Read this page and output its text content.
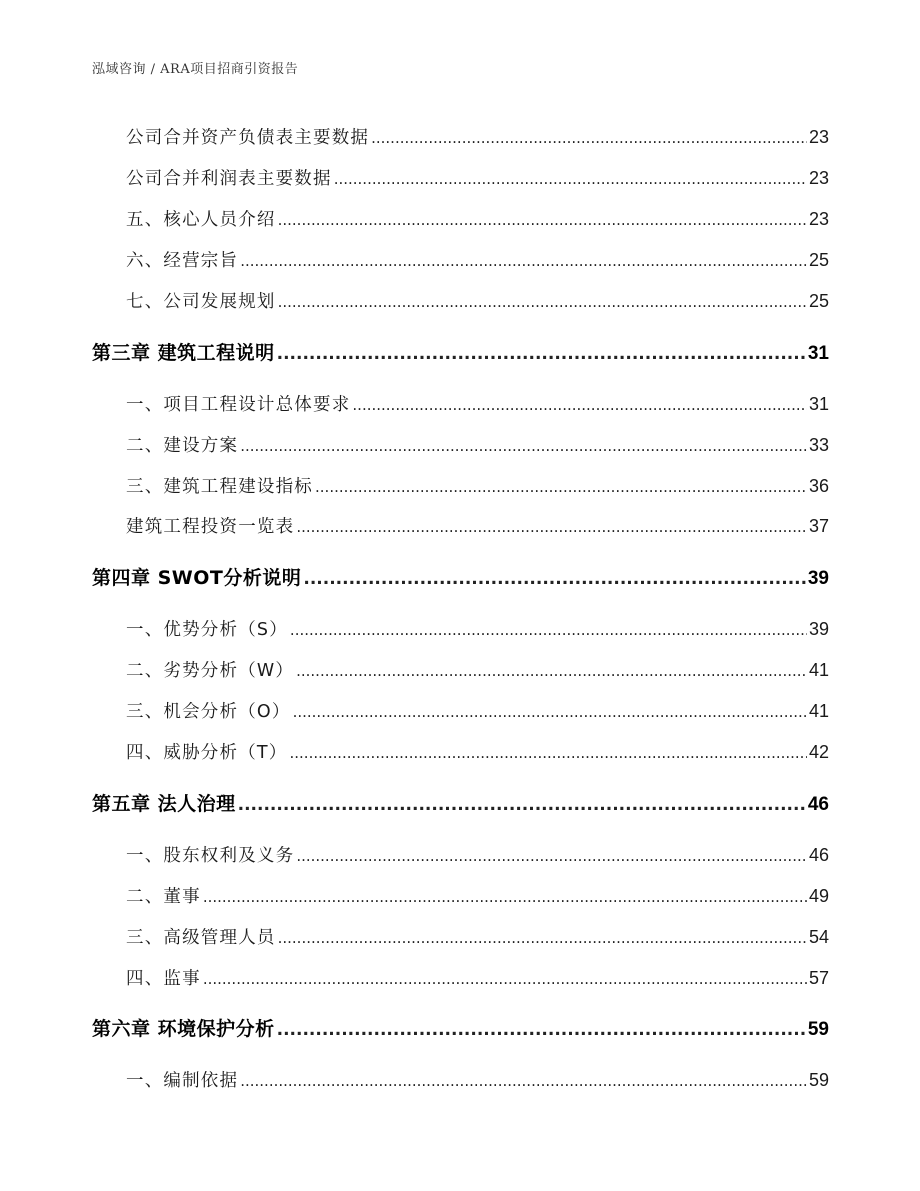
泓域咨询 / ARA项目招商引资报告
公司合并资产负债表主要数据 .....	23
公司合并利润表主要数据 .....	23
五、 核心人员介绍 .....	23
六、 经营宗旨 .....	25
七、 公司发展规划 .....	25
第三章 建筑工程说明 .....	31
一、 项目工程设计总体要求 .....	31
二、 建设方案 .....	33
三、 建筑工程建设指标 .....	36
建筑工程投资一览表 .....	37
第四章 SWOT分析说明 .....	39
一、 优势分析（S） .....	39
二、 劣势分析（W） .....	41
三、 机会分析（O） .....	41
四、 威胁分析（T） .....	42
第五章 法人治理 .....	46
一、 股东权利及义务 .....	46
二、 董事 .....	49
三、 高级管理人员 .....	54
四、 监事 .....	57
第六章 环境保护分析 .....	59
一、 编制依据 .....	59
